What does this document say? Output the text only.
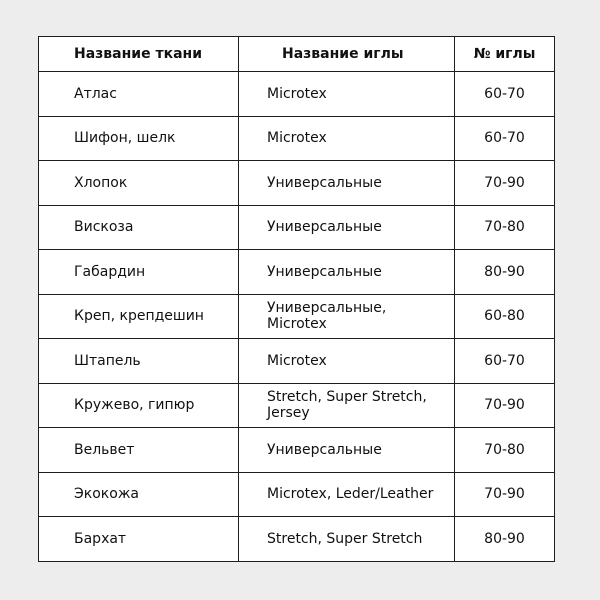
Название ткани	Название иглы	№ иглы
Атлас	Microtex	60-70
Шифон, шелк	Microtex	60-70
Хлопок	Универсальные	70-90
Вискоза	Универсальные	70-80
Габардин	Универсальные	80-90
Креп, крепдешин	Универсальные, Microtex	60-80
Штапель	Microtex	60-70
Кружево, гипюр	Stretch, Super Stretch, Jersey	70-90
Вельвет	Универсальные	70-80
Экокожа	Microtex, Leder/Leather	70-90
Бархат	Stretch, Super Stretch	80-90
